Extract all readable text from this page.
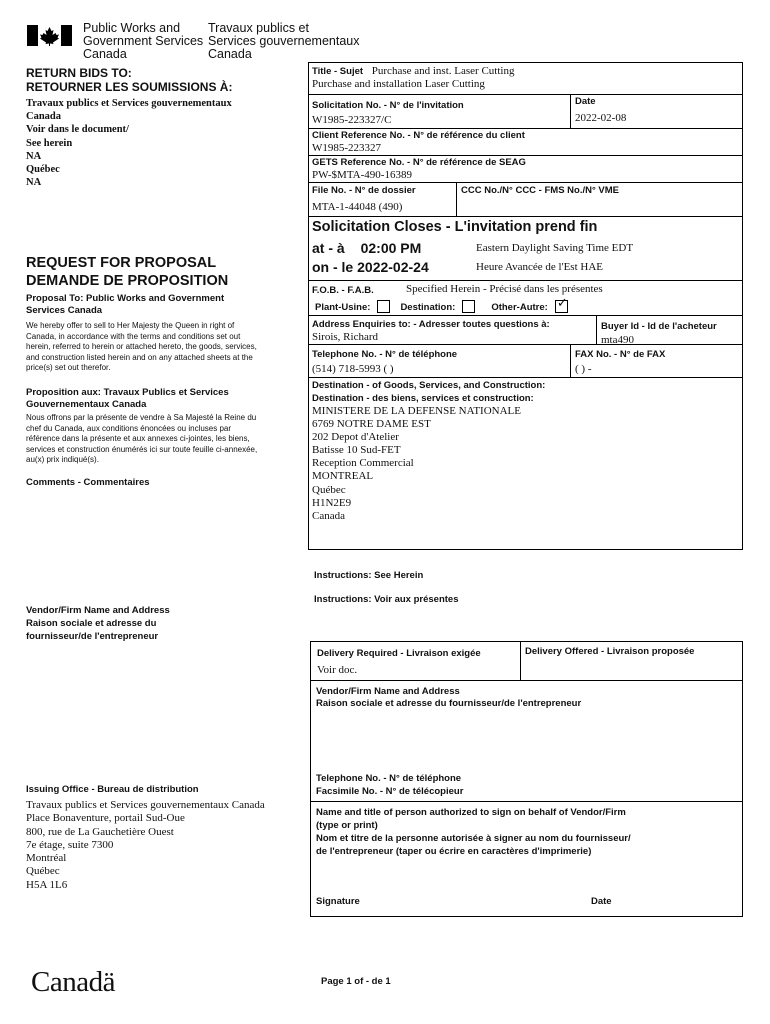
Public Works and
Government Services
Canada
Travaux publics et
Services gouvernementaux
Canada
RETURN BIDS TO:
RETOURNER LES SOUMISSIONS À:
Travaux publics et Services gouvernementaux
Canada
Voir dans le document/
See herein
NA
Québec
NA
REQUEST FOR PROPOSAL
DEMANDE DE PROPOSITION
Proposal To: Public Works and Government Services Canada
We hereby offer to sell to Her Majesty the Queen in right of Canada, in accordance with the terms and conditions set out herein, referred to herein or attached hereto, the goods, services, and construction listed herein and on any attached sheets at the price(s) set out therefor.
Proposition aux: Travaux Publics et Services Gouvernementaux Canada
Nous offrons par la présente de vendre à Sa Majesté la Reine du chef du Canada, aux conditions énoncées ou incluses par référence dans la présente et aux annexes ci-jointes, les biens, services et construction énumérés ici sur toute feuille ci-annexée, au(x) prix indiqué(s).
Comments - Commentaires
Vendor/Firm Name and Address
Raison sociale et adresse du
fournisseur/de l'entrepreneur
Issuing Office - Bureau de distribution
Travaux publics et Services gouvernementaux Canada
Place Bonaventure, portail Sud-Oue
800, rue de La Gauchetière Ouest
7e étage, suite 7300
Montréal
Québec
H5A 1L6
Canadä
Title - Sujet Purchase and inst. Laser Cutting
Purchase and installation Laser Cutting
Solicitation No. - N° de l'invitation
W1985-223327/C
Date
2022-02-08
Client Reference No. - N° de référence du client
W1985-223327
GETS Reference No. - N° de référence de SEAG
PW-$MTA-490-16389
File No. - N° de dossier
MTA-1-44048 (490)
CCC No./N° CCC - FMS No./N° VME
Solicitation Closes - L'invitation prend fin
at - à 02:00 PM
on - le 2022-02-24
Eastern Daylight Saving Time EDT
Heure Avancée de l'Est HAE
F.O.B. - F.A.B.	Specified Herein - Précisé dans les présentes
Plant-Usine:	Destination:	Other-Autre: ✓
Address Enquiries to: - Adresser toutes questions à:
Sirois, Richard
Buyer Id - Id de l'acheteur
mta490
Telephone No. - N° de téléphone
(514) 718-5993 ( )
FAX No. - N° de FAX
( ) -
Destination - of Goods, Services, and Construction:
Destination - des biens, services et construction:
MINISTERE DE LA DEFENSE NATIONALE
6769 NOTRE DAME EST
202 Depot d'Atelier
Batisse 10 Sud-FET
Reception Commercial
MONTREAL
Québec
H1N2E9
Canada
Instructions: See Herein
Instructions: Voir aux présentes
Delivery Required - Livraison exigée
Voir doc.
Delivery Offered - Livraison proposée
Vendor/Firm Name and Address
Raison sociale et adresse du fournisseur/de l'entrepreneur
Telephone No. - N° de téléphone
Facsimile No. - N° de télécopieur
Name and title of person authorized to sign on behalf of Vendor/Firm
(type or print)
Nom et titre de la personne autorisée à signer au nom du fournisseur/
de l'entrepreneur (taper ou écrire en caractères d'imprimerie)
Signature	Date
Page 1 of - de 1
